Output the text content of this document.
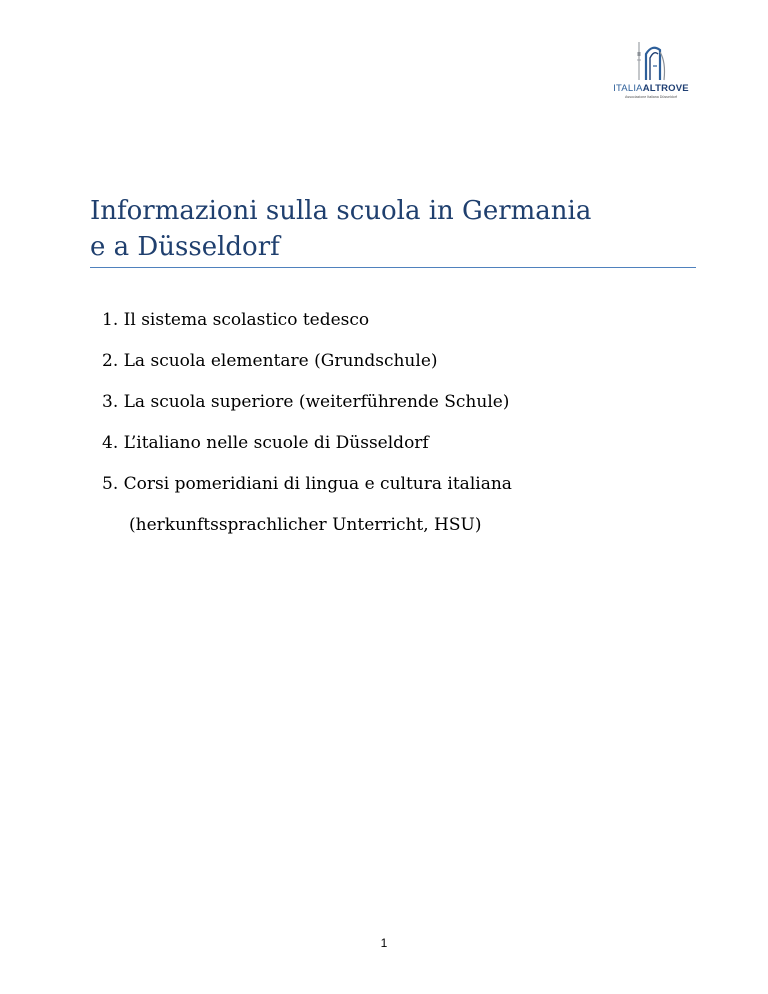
ITALIAALTROVE
Associazione Italiana Düsseldorf
Informazioni sulla scuola in Germania
e a Düsseldorf
1. Il sistema scolastico tedesco
2. La scuola elementare (Grundschule)
3. La scuola superiore (weiterführende Schule)
4. L’italiano nelle scuole di Düsseldorf
5. Corsi pomeridiani di lingua e cultura italiana
(herkunftssprachlicher Unterricht, HSU)
1
